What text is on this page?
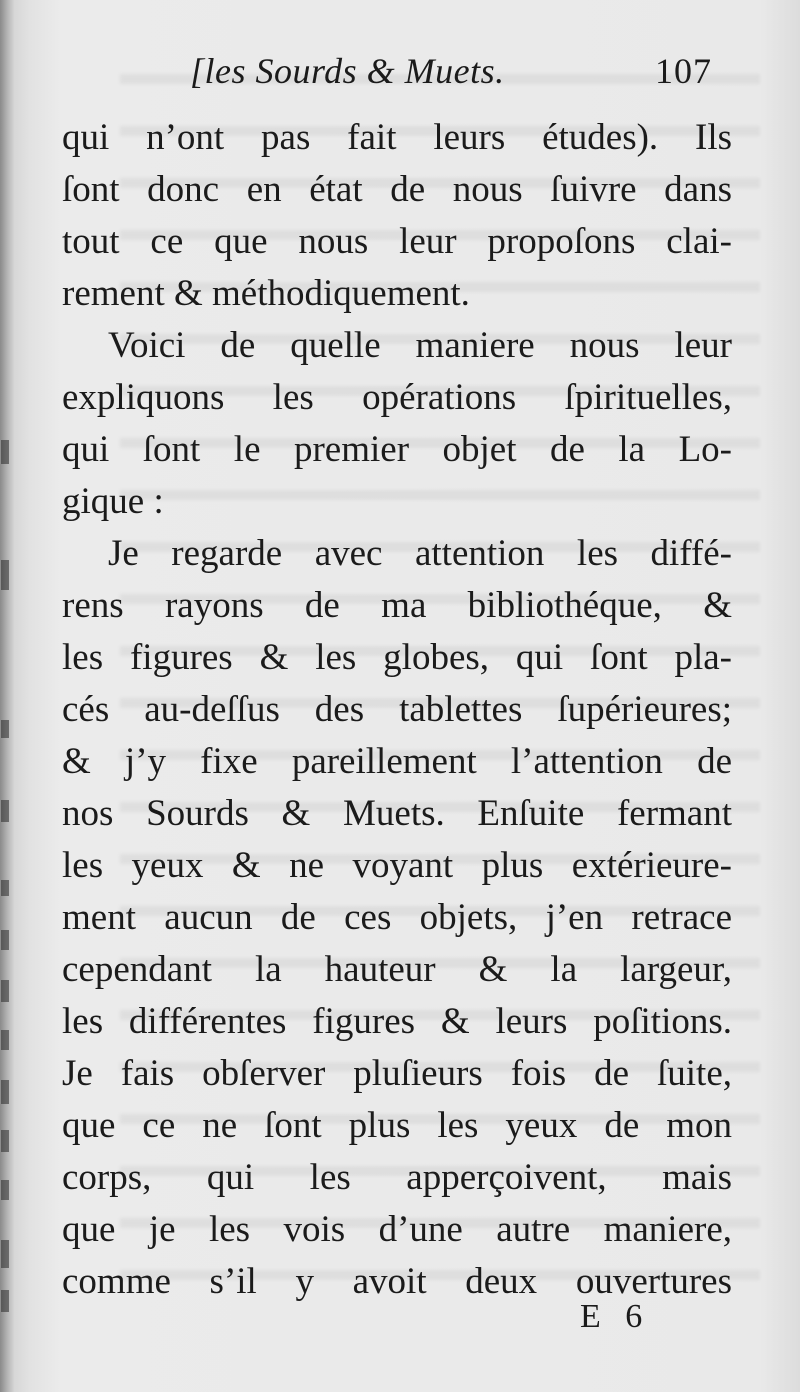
[les Sourds & Muets.	107
qui n’ont pas fait leurs études). Ils
ſont donc en état de nous ſuivre dans
tout ce que nous leur propoſons clai-
rement & méthodiquement.
Voici de quelle maniere nous leur
expliquons les opérations ſpirituelles,
qui ſont le premier objet de la Lo-
gique :
Je regarde avec attention les diffé-
rens rayons de ma bibliothéque, &
les figures & les globes, qui ſont pla-
cés au-deſſus des tablettes ſupérieures;
& j’y fixe pareillement l’attention de
nos Sourds & Muets. Enſuite fermant
les yeux & ne voyant plus extérieure-
ment aucun de ces objets, j’en retrace
cependant la hauteur & la largeur,
les différentes figures & leurs poſitions.
Je fais obſerver pluſieurs fois de ſuite,
que ce ne ſont plus les yeux de mon
corps, qui les apperçoivent, mais
que je les vois d’une autre maniere,
comme s’il y avoit deux ouvertures
E 6
